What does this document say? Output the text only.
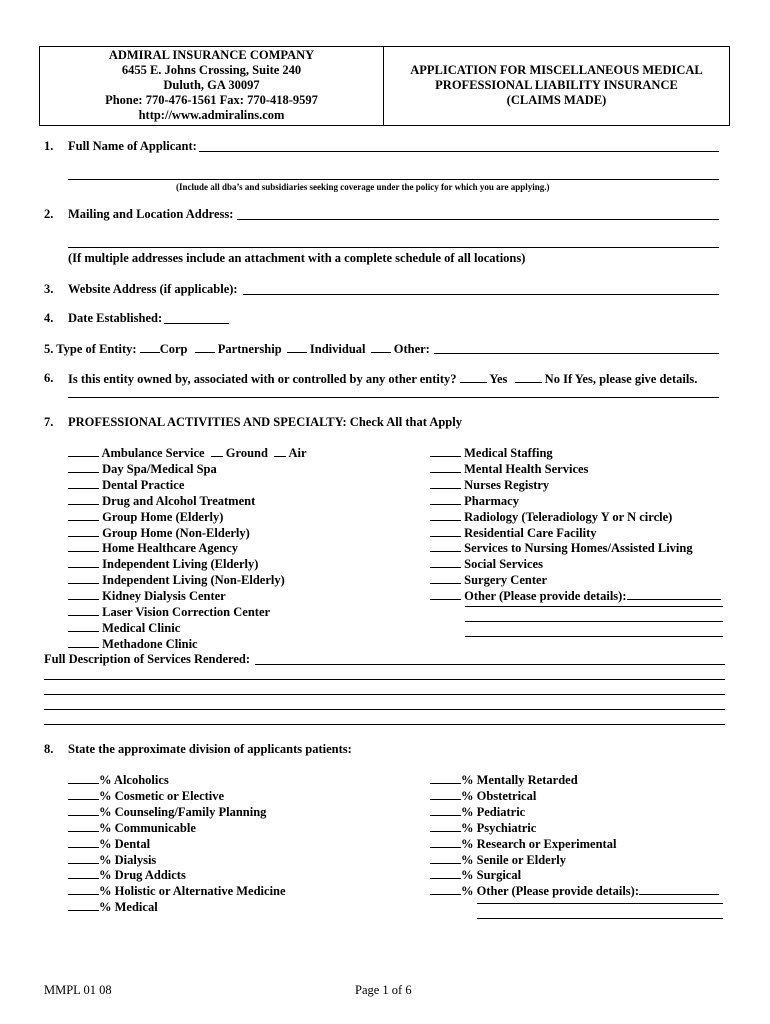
ADMIRAL INSURANCE COMPANY
6455 E. Johns Crossing, Suite 240
Duluth, GA 30097
Phone: 770-476-1561 Fax: 770-418-9597
http://www.admiralins.com
APPLICATION FOR MISCELLANEOUS MEDICAL
PROFESSIONAL LIABILITY INSURANCE
(CLAIMS MADE)
1. Full Name of Applicant:
(Include all dba’s and subsidiaries seeking coverage under the policy for which you are applying.)
2. Mailing and Location Address:
(If multiple addresses include an attachment with a complete schedule of all locations)
3. Website Address (if applicable):
4. Date Established:
5. Type of Entity: Corp Partnership Individual Other:
6. Is this entity owned by, associated with or controlled by any other entity?	Yes	No If Yes, please give details.
7. PROFESSIONAL ACTIVITIES AND SPECIALTY: Check All that Apply
Ambulance Service Ground Air
Day Spa/Medical Spa
Dental Practice
Drug and Alcohol Treatment
Group Home (Elderly)
Group Home (Non-Elderly)
Home Healthcare Agency
Independent Living (Elderly)
Independent Living (Non-Elderly)
Kidney Dialysis Center
Laser Vision Correction Center
Medical Clinic
Methadone Clinic
Medical Staffing
Mental Health Services
Nurses Registry
Pharmacy
Radiology (Teleradiology Y or N circle)
Residential Care Facility
Services to Nursing Homes/Assisted Living
Social Services
Surgery Center
Other (Please provide details):
Full Description of Services Rendered:
8. State the approximate division of applicants patients:
% Alcoholics
% Cosmetic or Elective
% Counseling/Family Planning
% Communicable
% Dental
% Dialysis
% Drug Addicts
% Holistic or Alternative Medicine
% Medical
% Mentally Retarded
% Obstetrical
% Pediatric
% Psychiatric
% Research or Experimental
% Senile or Elderly
% Surgical
% Other (Please provide details):
MMPL 01 08	Page 1 of 6
